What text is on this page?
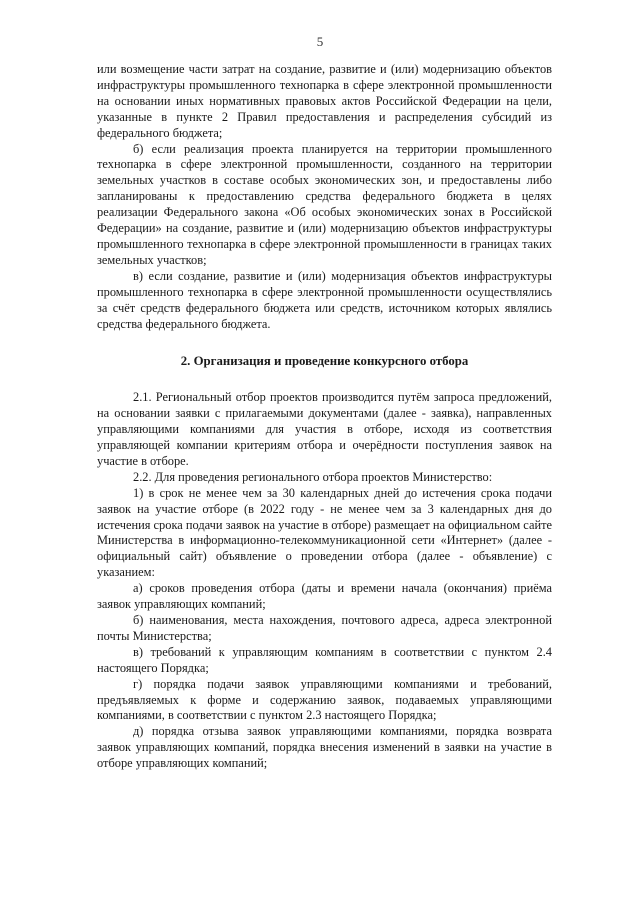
5

или возмещение части затрат на создание, развитие и (или) модернизацию объектов инфраструктуры промышленного технопарка в сфере электронной промышленности на основании иных нормативных правовых актов Российской Федерации на цели, указанные в пункте 2 Правил предоставления и распределения субсидий из федерального бюджета;

б) если реализация проекта планируется на территории промышленного технопарка в сфере электронной промышленности, созданного на территории земельных участков в составе особых экономических зон, и предоставлены либо запланированы к предоставлению средства федерального бюджета в целях реализации Федерального закона «Об особых экономических зонах в Российской Федерации» на создание, развитие и (или) модернизацию объектов инфраструктуры промышленного технопарка в сфере электронной промышленности в границах таких земельных участков;

в) если создание, развитие и (или) модернизация объектов инфраструктуры промышленного технопарка в сфере электронной промышленности осуществлялись за счёт средств федерального бюджета или средств, источником которых являлись средства федерального бюджета.

2. Организация и проведение конкурсного отбора

2.1. Региональный отбор проектов производится путём запроса предложений, на основании заявки с прилагаемыми документами (далее - заявка), направленных управляющими компаниями для участия в отборе, исходя из соответствия управляющей компании критериям отбора и очерёдности поступления заявок на участие в отборе.

2.2. Для проведения регионального отбора проектов Министерство:

1) в срок не менее чем за 30 календарных дней до истечения срока подачи заявок на участие отборе (в 2022 году - не менее чем за 3 календарных дня до истечения срока подачи заявок на участие в отборе) размещает на официальном сайте Министерства в информационно-телекоммуникационной сети «Интернет» (далее - официальный сайт) объявление о проведении отбора (далее - объявление) с указанием:

а) сроков проведения отбора (даты и времени начала (окончания) приёма заявок управляющих компаний;

б) наименования, места нахождения, почтового адреса, адреса электронной почты Министерства;

в) требований к управляющим компаниям в соответствии с пунктом 2.4 настоящего Порядка;

г) порядка подачи заявок управляющими компаниями и требований, предъявляемых к форме и содержанию заявок, подаваемых управляющими компаниями, в соответствии с пунктом 2.3 настоящего Порядка;

д) порядка отзыва заявок управляющими компаниями, порядка возврата заявок управляющих компаний, порядка внесения изменений в заявки на участие в отборе управляющих компаний;
